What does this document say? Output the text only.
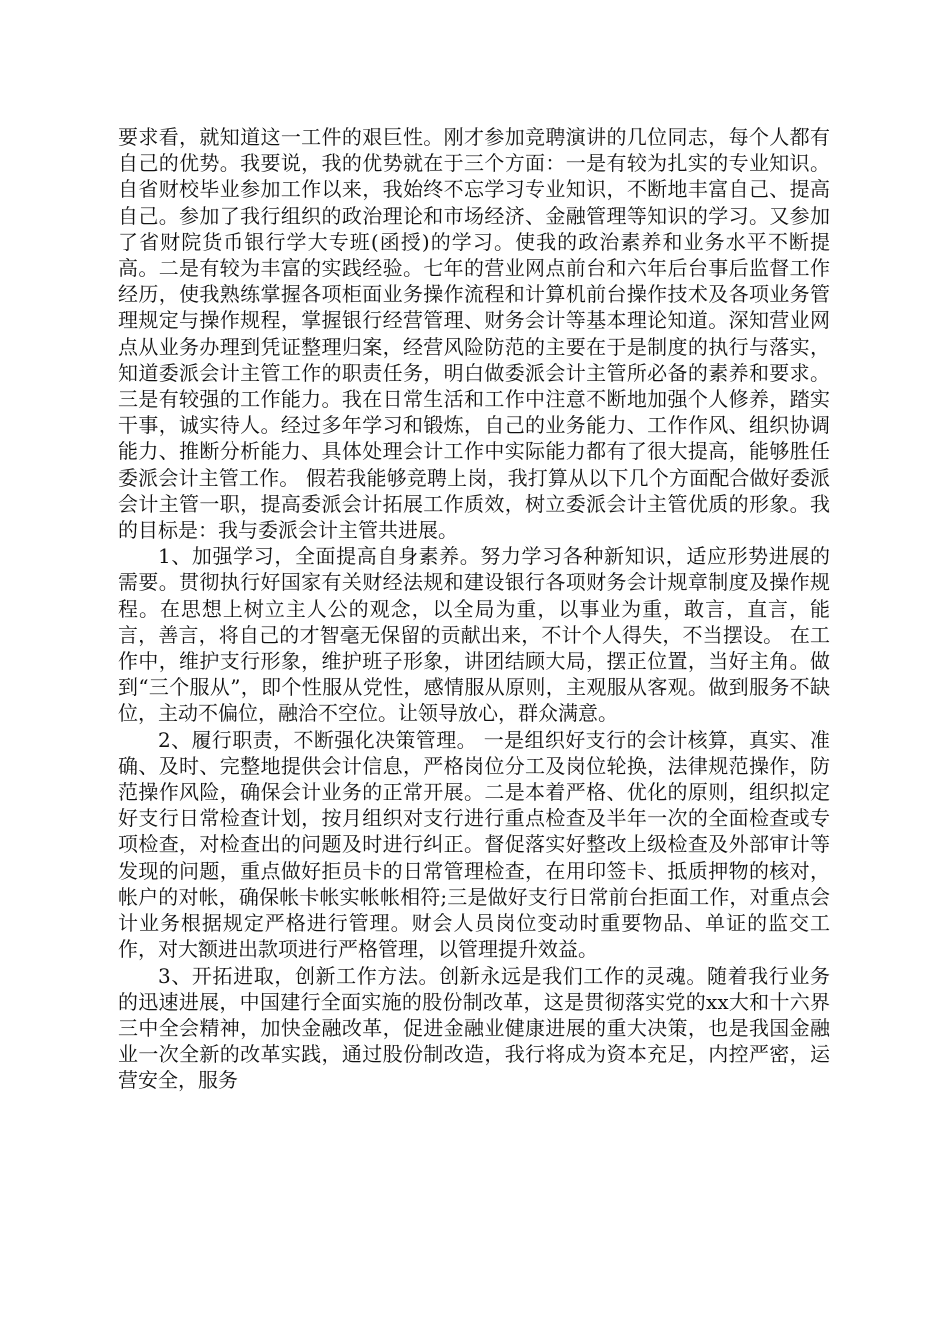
要求看，就知道这一工件的艰巨性。刚才参加竞聘演讲的几位同志，每个人都有自己的优势。我要说，我的优势就在于三个方面：一是有较为扎实的专业知识。自省财校毕业参加工作以来，我始终不忘学习专业知识，不断地丰富自己、提高自己。参加了我行组织的政治理论和市场经济、金融管理等知识的学习。又参加了省财院货币银行学大专班(函授)的学习。使我的政治素养和业务水平不断提高。二是有较为丰富的实践经验。七年的营业网点前台和六年后台事后监督工作经历，使我熟练掌握各项柜面业务操作流程和计算机前台操作技术及各项业务管理规定与操作规程，掌握银行经营管理、财务会计等基本理论知道。深知营业网点从业务办理到凭证整理归案，经营风险防范的主要在于是制度的执行与落实，知道委派会计主管工作的职责任务，明白做委派会计主管所必备的素养和要求。三是有较强的工作能力。我在日常生活和工作中注意不断地加强个人修养，踏实干事，诚实待人。经过多年学习和锻炼，自己的业务能力、工作作风、组织协调能力、推断分析能力、具体处理会计工作中实际能力都有了很大提高，能够胜任委派会计主管工作。 假若我能够竞聘上岗，我打算从以下几个方面配合做好委派会计主管一职，提高委派会计拓展工作质效，树立委派会计主管优质的形象。我的目标是：我与委派会计主管共进展。

1、加强学习，全面提高自身素养。努力学习各种新知识，适应形势进展的需要。贯彻执行好国家有关财经法规和建设银行各项财务会计规章制度及操作规程。在思想上树立主人公的观念，以全局为重，以事业为重，敢言，直言，能言，善言，将自己的才智毫无保留的贡献出来，不计个人得失，不当摆设。 在工作中，维护支行形象，维护班子形象，讲团结顾大局，摆正位置，当好主角。做到“三个服从”，即个性服从党性，感情服从原则，主观服从客观。做到服务不缺位，主动不偏位，融洽不空位。让领导放心，群众满意。

2、履行职责，不断强化决策管理。 一是组织好支行的会计核算，真实、准确、及时、完整地提供会计信息，严格岗位分工及岗位轮换，法律规范操作，防范操作风险，确保会计业务的正常开展。二是本着严格、优化的原则，组织拟定好支行日常检查计划，按月组织对支行进行重点检查及半年一次的全面检查或专项检查，对检查出的问题及时进行纠正。督促落实好整改上级检查及外部审计等发现的问题，重点做好拒员卡的日常管理检查，在用印签卡、抵质押物的核对，帐户的对帐，确保帐卡帐实帐帐相符;三是做好支行日常前台拒面工作，对重点会计业务根据规定严格进行管理。财会人员岗位变动时重要物品、单证的监交工作，对大额进出款项进行严格管理，以管理提升效益。

3、开拓进取，创新工作方法。创新永远是我们工作的灵魂。随着我行业务的迅速进展，中国建行全面实施的股份制改革，这是贯彻落实党的xx大和十六界三中全会精神，加快金融改革，促进金融业健康进展的重大决策，也是我国金融业一次全新的改革实践，通过股份制改造，我行将成为资本充足，内控严密，运营安全，服务
